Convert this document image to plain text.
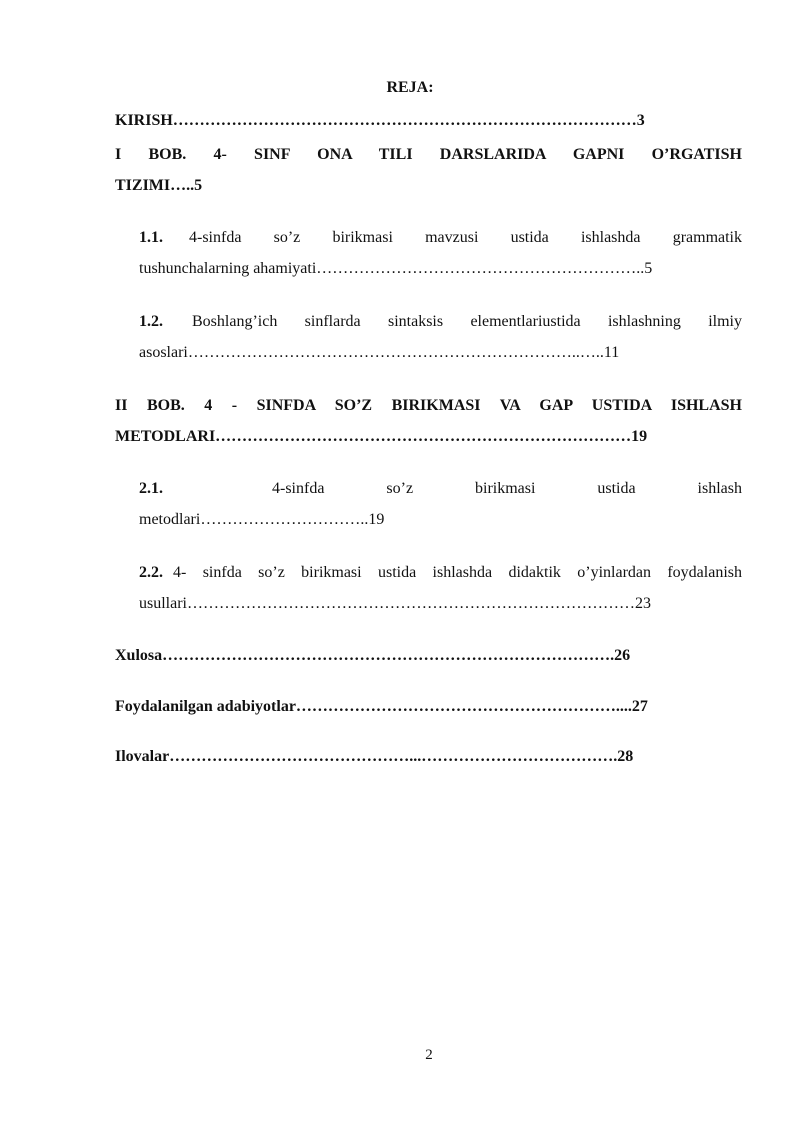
REJA:

KIRISH……………………………………………………………………………3

I BOB. 4- SINF ONA TILI DARSLARIDA GAPNI O’RGATISH

TIZIMI…..5

1.1. 4-sinfda so’z birikmasi mavzusi ustida ishlashda grammatik

tushunchalarning ahamiyati……………………………………………………..5

1.2. Boshlang’ich sinflarda sintaksis elementlariustida ishlashning ilmiy

asoslari………………………………………………………………..…..11

II BOB. 4 - SINFDA SO’Z BIRIKMASI VA GAP USTIDA ISHLASH

METODLARI……………………………………………………………………19

2.1.	4-sinfda so’z birikmasi ustida ishlash

metodlari…………………………..19

2.2. 4- sinfda so’z birikmasi ustida ishlashda didaktik o’yinlardan foydalanish

usullari…………………………………………………………………………23

Xulosa………………………………………………………………………….26

Foydalanilgan adabiyotlar……………………………………………………....27

Ilovalar………………………………………...……………………………….28

2
